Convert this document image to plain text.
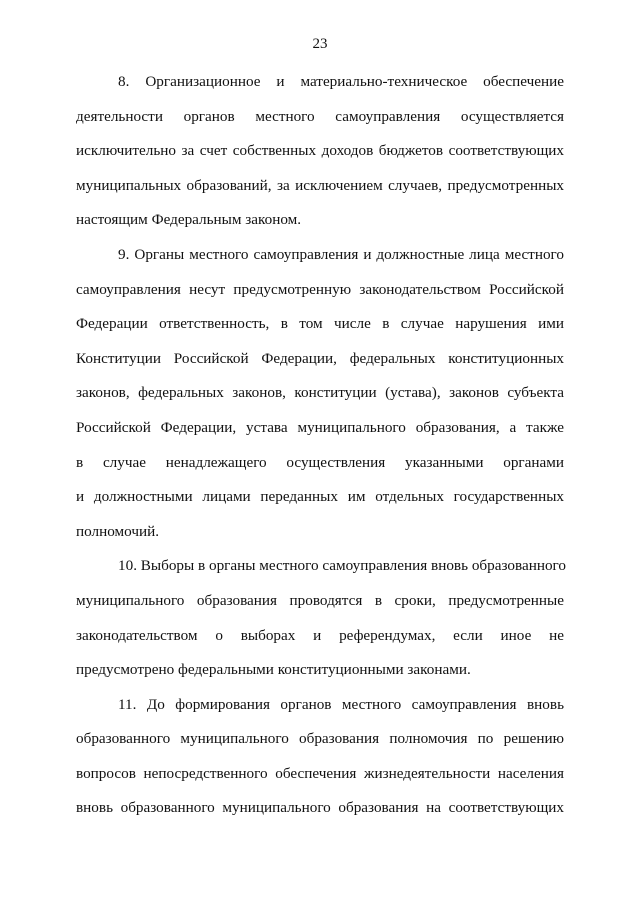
23
8. Организационное и материально-техническое обеспечение
деятельности органов местного самоуправления осуществляется
исключительно за счет собственных доходов бюджетов соответствующих
муниципальных образований, за исключением случаев, предусмотренных
настоящим Федеральным законом.
9. Органы местного самоуправления и должностные лица местного
самоуправления несут предусмотренную законодательством Российской
Федерации ответственность, в том числе в случае нарушения ими
Конституции Российской Федерации, федеральных конституционных
законов, федеральных законов, конституции (устава), законов субъекта
Российской Федерации, устава муниципального образования, а также
в случае ненадлежащего осуществления указанными органами
и должностными лицами переданных им отдельных государственных
полномочий.
10. Выборы в органы местного самоуправления вновь образованного
муниципального образования проводятся в сроки, предусмотренные
законодательством о выборах и референдумах, если иное не
предусмотрено федеральными конституционными законами.
11. До формирования органов местного самоуправления вновь
образованного муниципального образования полномочия по решению
вопросов непосредственного обеспечения жизнедеятельности населения
вновь образованного муниципального образования на соответствующих
